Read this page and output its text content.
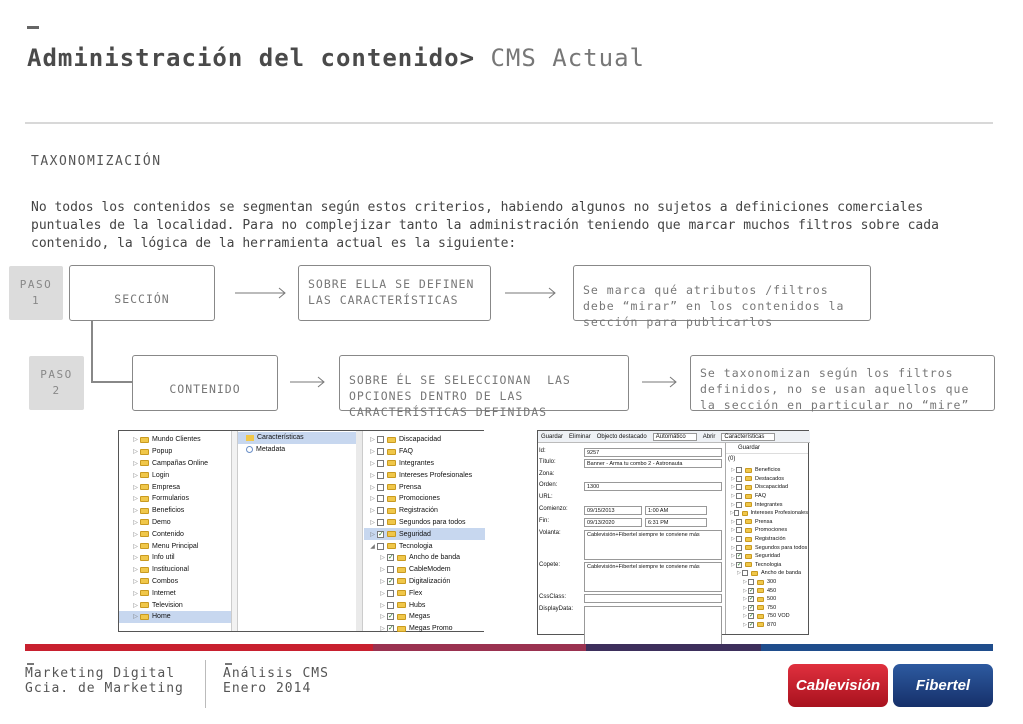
Administración del contenido> CMS Actual
TAXONOMIZACIÓN
No todos los contenidos se segmentan según estos criterios, habiendo algunos no sujetos a definiciones comerciales puntuales de la localidad. Para no complejizar tanto la administración teniendo que marcar muchos filtros sobre cada contenido, la lógica de la herramienta actual es la siguiente:
PASO
1
PASO
2
SECCIÓN
SOBRE ELLA SE DEFINEN
LAS CARACTERÍSTICAS
Se marca qué atributos /filtros
debe “mirar” en los contenidos la
sección para publicarlos
CONTENIDO
SOBRE ÉL SE SELECCIONAN  LAS
OPCIONES DENTRO DE LAS
CARACTERÍSTICAS DEFINIDAS
Se taxonomizan según los filtros
definidos, no se usan aquellos que
la sección en particular no “mire”
▷	Mundo Clientes
▷	Popup
▷	Campañas Online
▷	Login
▷	Empresa
▷	Formularios
▷	Beneficios
▷	Demo
▷	Contenido
▷	Menu Principal
▷	Info util
▷	Institucional
▷	Combos
▷	Internet
▷	Television
▷	Home
Características
Metadata
▷	Discapacidad
▷	FAQ
▷	Integrantes
▷	Intereses Profesionales
▷	Prensa
▷	Promociones
▷	Registración
▷	Segundos para todos
▷ ✓ Seguridad
◢	Tecnologia
▷ ✓ Ancho de banda
▷	CableModem
▷ ✓ Digitalización
▷	Flex
▷	Hubs
▷ ✓ Megas
▷ ✓ Megas Promo
Guardar Eliminar Objecto destacado	Automático	Abrir	Características
Id:	9257
Título:	Banner - Arma tu combo 2 - Astronauta
Zona:
Orden:	1300
URL:
Comienzo:	09/15/2013	1:00 AM
Fin:	09/13/2020	6:31 PM
Volanta:	Cablevisión+Fibertel siempre te conviene más
Copete:	Cablevisión+Fibertel siempre te conviene más
CssClass:
DisplayData:
Guardar
(0)
▷	Beneficios
▷	Destacados
▷	Discapacidad
▷	FAQ
▷	Integrantes
▷	Intereses Profesionales
▷	Prensa
▷	Promociones
▷	Registración
▷	Segundos para todos
▷ ✓ Seguridad
▷ ✓ Tecnologia
▷	Ancho de banda
▷	300
▷ ✓ 450
▷ ✓ 500
▷ ✓ 750
▷ ✓ 750 VOD
▷ ✓ 870
Marketing Digital
Gcia. de Marketing
Análisis CMS
Enero 2014	Cablevisión Fibertel
